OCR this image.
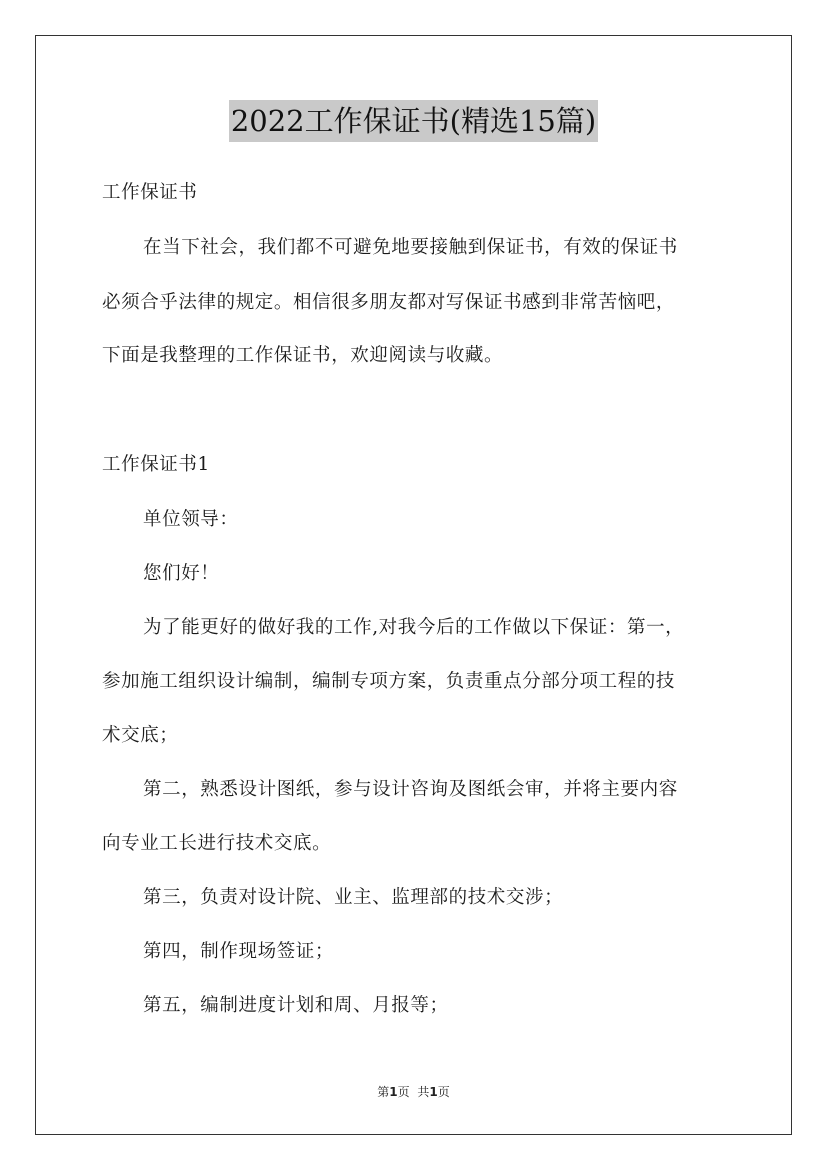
2022工作保证书(精选15篇)
工作保证书
在当下社会，我们都不可避免地要接触到保证书，有效的保证书
必须合乎法律的规定。相信很多朋友都对写保证书感到非常苦恼吧，
下面是我整理的工作保证书，欢迎阅读与收藏。
工作保证书1
单位领导：
您们好！
为了能更好的做好我的工作,对我今后的工作做以下保证：第一，
参加施工组织设计编制，编制专项方案，负责重点分部分项工程的技
术交底；
第二，熟悉设计图纸，参与设计咨询及图纸会审，并将主要内容
向专业工长进行技术交底。
第三，负责对设计院、业主、监理部的技术交涉；
第四，制作现场签证；
第五，编制进度计划和周、月报等；
第1页 共1页
